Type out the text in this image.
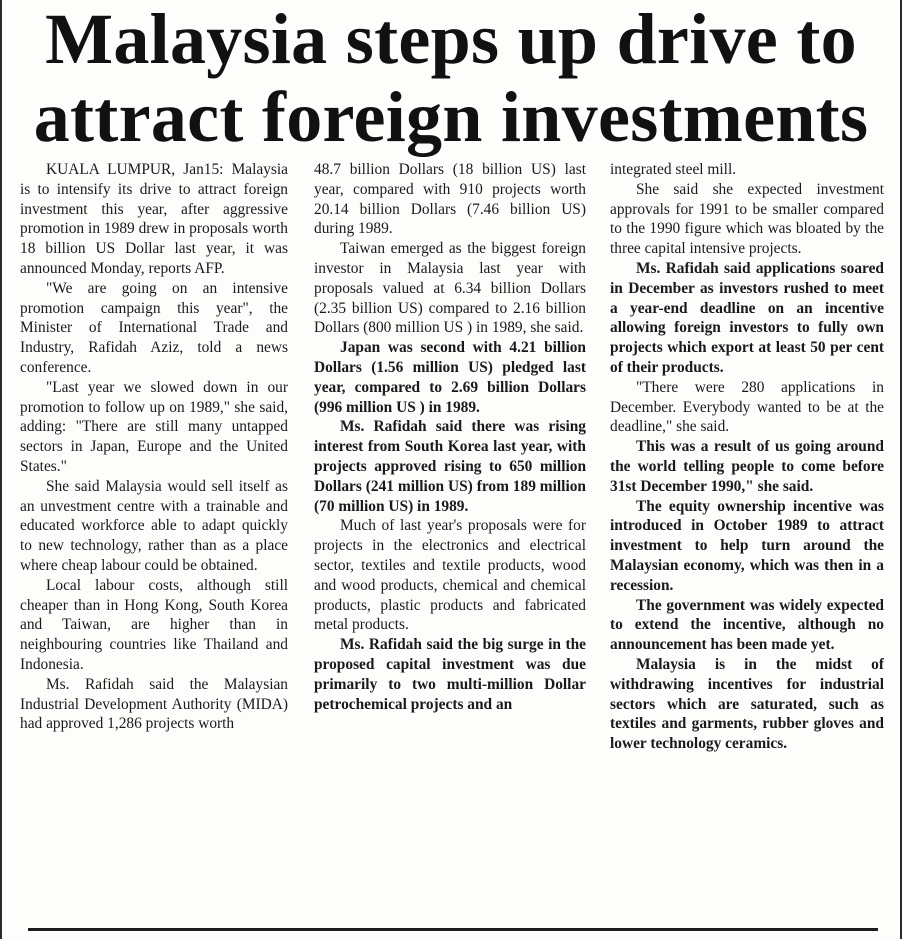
Malaysia steps up drive to
attract foreign investments

KUALA LUMPUR, Jan15: Malaysia is to intensify its drive to attract foreign investment this year, after aggressive promotion in 1989 drew in proposals worth 18 billion US Dollar last year, it was announced Monday, reports AFP.

"We are going on an intensive promotion campaign this year", the Minister of International Trade and Industry, Rafidah Aziz, told a news conference.

"Last year we slowed down in our promotion to follow up on 1989," she said, adding: "There are still many untapped sectors in Japan, Europe and the United States."

She said Malaysia would sell itself as an unvestment centre with a trainable and educated workforce able to adapt quickly to new technology, rather than as a place where cheap labour could be obtained.

Local labour costs, although still cheaper than in Hong Kong, South Korea and Taiwan, are higher than in neighbouring countries like Thailand and Indonesia.

Ms. Rafidah said the Malaysian Industrial Development Authority (MIDA) had approved 1,286 projects worth

48.7 billion Dollars (18 billion US) last year, compared with 910 projects worth 20.14 billion Dollars (7.46 billion US) during 1989.

Taiwan emerged as the biggest foreign investor in Malaysia last year with proposals valued at 6.34 billion Dollars (2.35 billion US) compared to 2.16 billion Dollars (800 million US ) in 1989, she said.

Japan was second with 4.21 billion Dollars (1.56 million US) pledged last year, compared to 2.69 billion Dollars (996 million US ) in 1989.

Ms. Rafidah said there was rising interest from South Korea last year, with projects approved rising to 650 million Dollars (241 million US) from 189 million (70 million US) in 1989.

Much of last year's proposals were for projects in the electronics and electrical sector, textiles and textile products, wood and wood products, chemical and chemical products, plastic products and fabricated metal products.

Ms. Rafidah said the big surge in the proposed capital investment was due primarily to two multi-million Dollar petrochemical projects and an

integrated steel mill.

She said she expected investment approvals for 1991 to be smaller compared to the 1990 figure which was bloated by the three capital intensive projects.

Ms. Rafidah said applications soared in December as investors rushed to meet a year-end deadline on an incentive allowing foreign investors to fully own projects which export at least 50 per cent of their products.

"There were 280 applications in December. Everybody wanted to be at the deadline," she said.

This was a result of us going around the world telling people to come before 31st December 1990," she said.

The equity ownership incentive was introduced in October 1989 to attract investment to help turn around the Malaysian economy, which was then in a recession.

The government was widely expected to extend the incentive, although no announcement has been made yet.

Malaysia is in the midst of withdrawing incentives for industrial sectors which are saturated, such as textiles and garments, rubber gloves and lower technology ceramics.
